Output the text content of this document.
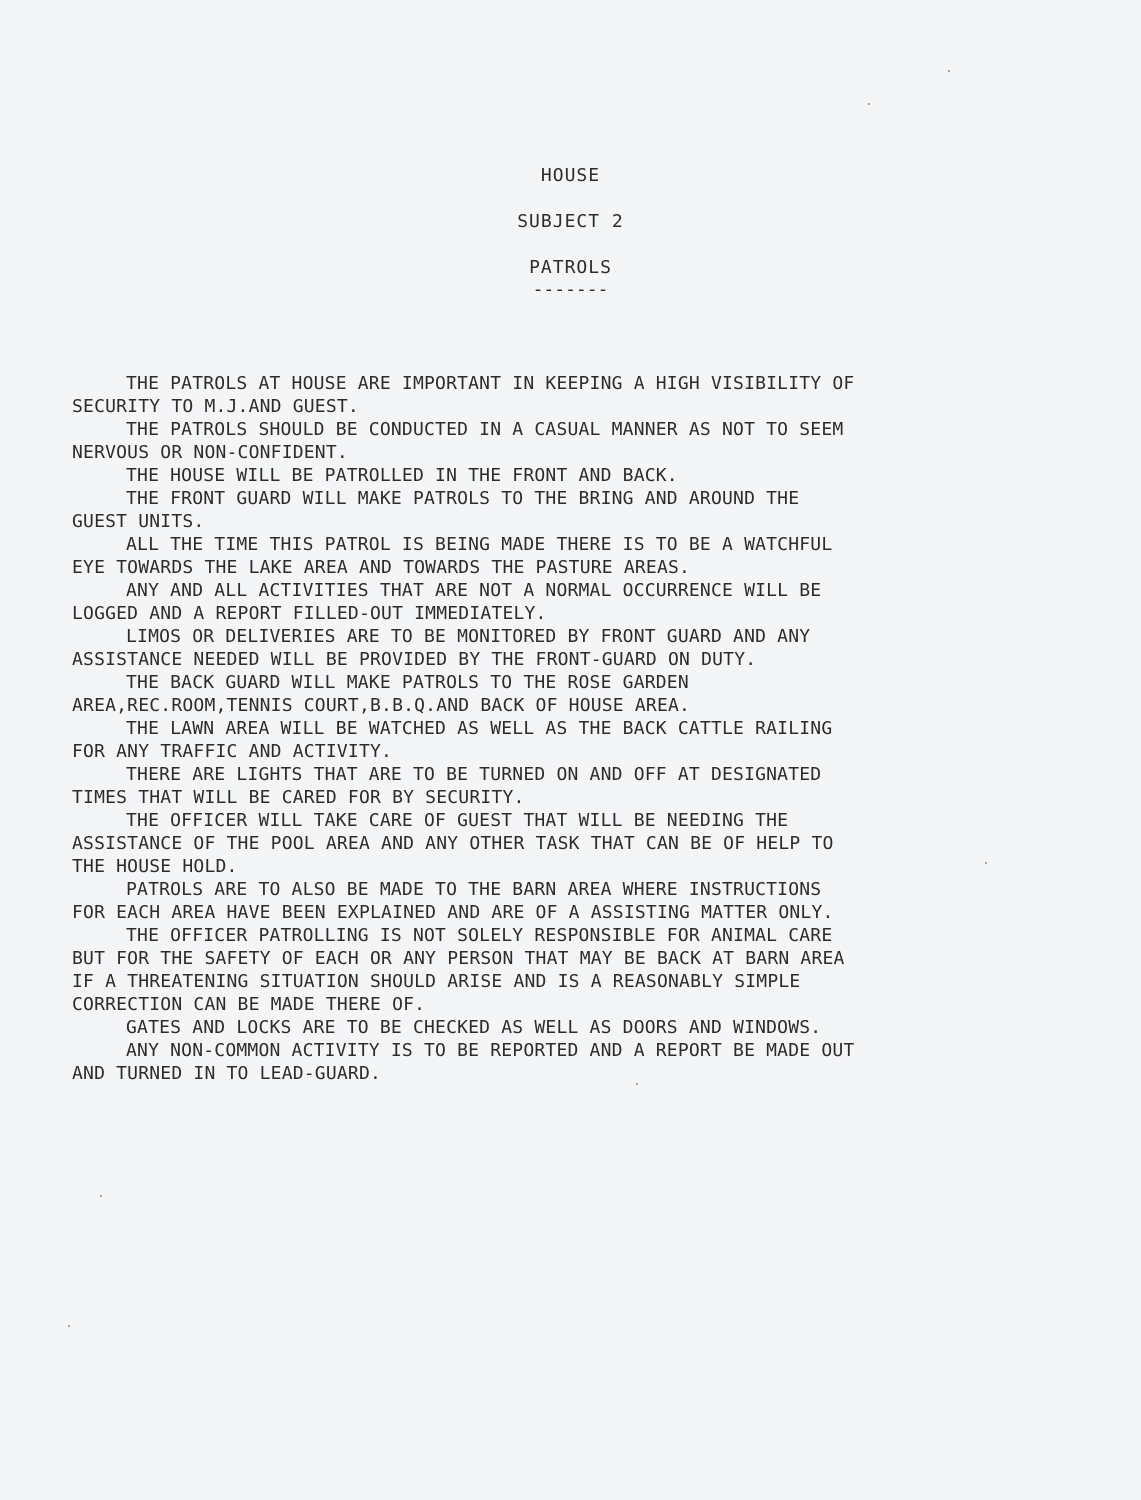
HOUSE
SUBJECT 2
PATROLS
-------
THE PATROLS AT HOUSE ARE IMPORTANT IN KEEPING A HIGH VISIBILITY OF
SECURITY TO M.J.AND GUEST.
THE PATROLS SHOULD BE CONDUCTED IN A CASUAL MANNER AS NOT TO SEEM
NERVOUS OR NON-CONFIDENT.
THE HOUSE WILL BE PATROLLED IN THE FRONT AND BACK.
THE FRONT GUARD WILL MAKE PATROLS TO THE BRING AND AROUND THE
GUEST UNITS.
ALL THE TIME THIS PATROL IS BEING MADE THERE IS TO BE A WATCHFUL
EYE TOWARDS THE LAKE AREA AND TOWARDS THE PASTURE AREAS.
ANY AND ALL ACTIVITIES THAT ARE NOT A NORMAL OCCURRENCE WILL BE
LOGGED AND A REPORT FILLED-OUT IMMEDIATELY.
LIMOS OR DELIVERIES ARE TO BE MONITORED BY FRONT GUARD AND ANY
ASSISTANCE NEEDED WILL BE PROVIDED BY THE FRONT-GUARD ON DUTY.
THE BACK GUARD WILL MAKE PATROLS TO THE ROSE GARDEN
AREA,REC.ROOM,TENNIS COURT,B.B.Q.AND BACK OF HOUSE AREA.
THE LAWN AREA WILL BE WATCHED AS WELL AS THE BACK CATTLE RAILING
FOR ANY TRAFFIC AND ACTIVITY.
THERE ARE LIGHTS THAT ARE TO BE TURNED ON AND OFF AT DESIGNATED
TIMES THAT WILL BE CARED FOR BY SECURITY.
THE OFFICER WILL TAKE CARE OF GUEST THAT WILL BE NEEDING THE
ASSISTANCE OF THE POOL AREA AND ANY OTHER TASK THAT CAN BE OF HELP TO
THE HOUSE HOLD.
PATROLS ARE TO ALSO BE MADE TO THE BARN AREA WHERE INSTRUCTIONS
FOR EACH AREA HAVE BEEN EXPLAINED AND ARE OF A ASSISTING MATTER ONLY.
THE OFFICER PATROLLING IS NOT SOLELY RESPONSIBLE FOR ANIMAL CARE
BUT FOR THE SAFETY OF EACH OR ANY PERSON THAT MAY BE BACK AT BARN AREA
IF A THREATENING SITUATION SHOULD ARISE AND IS A REASONABLY SIMPLE
CORRECTION CAN BE MADE THERE OF.
GATES AND LOCKS ARE TO BE CHECKED AS WELL AS DOORS AND WINDOWS.
ANY NON-COMMON ACTIVITY IS TO BE REPORTED AND A REPORT BE MADE OUT
AND TURNED IN TO LEAD-GUARD.
